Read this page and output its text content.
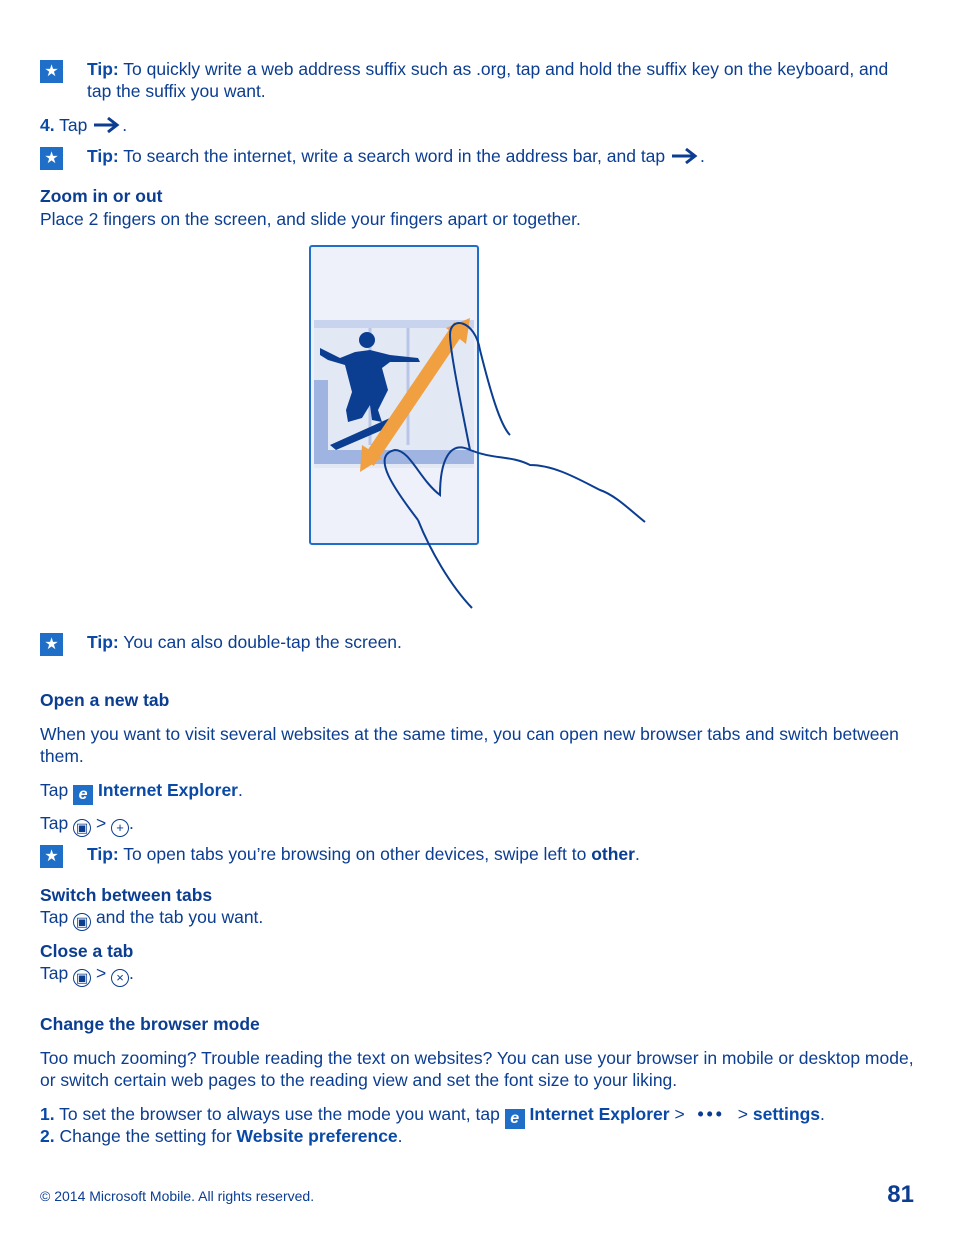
★ Tip: To quickly write a web address suffix such as .org, tap and hold the suffix key on the keyboard, and tap the suffix you want.
4. Tap .
★ Tip: To search the internet, write a search word in the address bar, and tap .
Zoom in or out
Place 2 fingers on the screen, and slide your fingers apart or together.
★ Tip: You can also double-tap the screen.
Open a new tab
When you want to visit several websites at the same time, you can open new browser tabs and switch between them.
Tap e Internet Explorer.
Tap ▣ > + .
★ Tip: To open tabs you’re browsing on other devices, swipe left to other.
Switch between tabs
Tap ▣ and the tab you want.
Close a tab
Tap ▣ > × .
Change the browser mode
Too much zooming? Trouble reading the text on websites? You can use your browser in mobile or desktop mode, or switch certain web pages to the reading view and set the font size to your liking.
1. To set the browser to always use the mode you want, tap e Internet Explorer > ••• > settings.
2. Change the setting for Website preference.
© 2014 Microsoft Mobile. All rights reserved.	81
